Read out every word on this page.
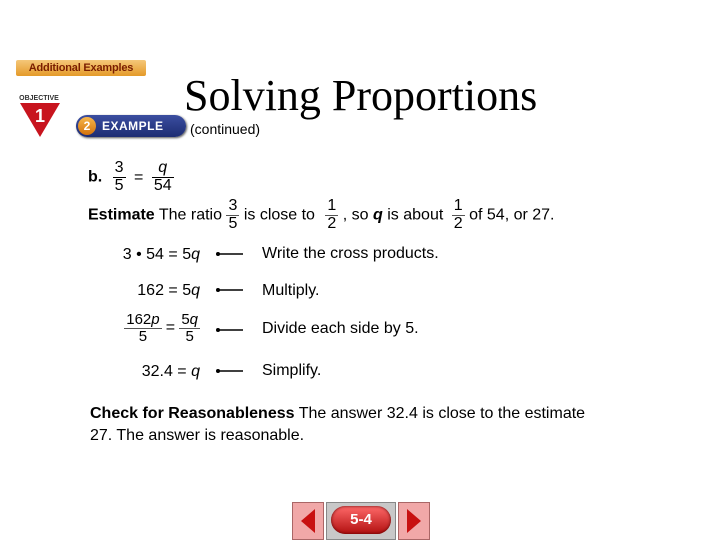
Additional Examples
OBJECTIVE
1	2 EXAMPLE
Solving Proportions
(continued)
b. $\frac{3}{5} = \frac{q}{54}$
Estimate The ratio $\frac{3}{5}$ is close to $\frac{1}{2}$ , so q is about $\frac{1}{2}$ of 54, or 27.
3 • 54 = 5q	Write the cross products.
162 = 5q	Multiply.
$\frac{162p}{5} = \frac{5q}{5}$	Divide each side by 5.
32.4 = q	Simplify.
Check for Reasonableness The answer 32.4 is close to the estimate 27. The answer is reasonable.
5-4
